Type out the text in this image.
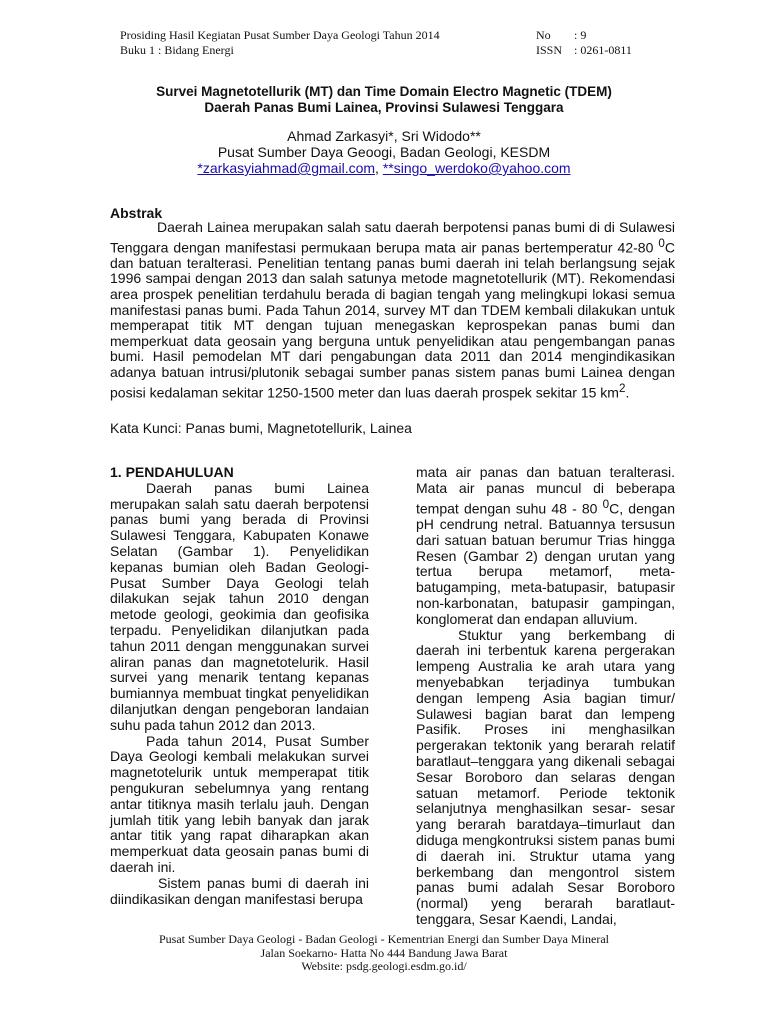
Prosiding Hasil Kegiatan Pusat Sumber Daya Geologi Tahun 2014
Buku 1 : Bidang Energi
No : 9
ISSN : 0261-0811
Survei Magnetotellurik (MT) dan Time Domain Electro Magnetic (TDEM)
Daerah Panas Bumi Lainea, Provinsi Sulawesi Tenggara
Ahmad Zarkasyi*, Sri Widodo**
Pusat Sumber Daya Geoogi, Badan Geologi, KESDM
*zarkasyiahmad@gmail.com, **singo_werdoko@yahoo.com
Abstrak

Daerah Lainea merupakan salah satu daerah berpotensi panas bumi di di Sulawesi Tenggara dengan manifestasi permukaan berupa mata air panas bertemperatur 42-80 $^0$C dan batuan teralterasi. Penelitian tentang panas bumi daerah ini telah berlangsung sejak 1996 sampai dengan 2013 dan salah satunya metode magnetotellurik (MT). Rekomendasi area prospek penelitian terdahulu berada di bagian tengah yang melingkupi lokasi semua manifestasi panas bumi. Pada Tahun 2014, survey MT dan TDEM kembali dilakukan untuk memperapat titik MT dengan tujuan menegaskan keprospekan panas bumi dan memperkuat data geosain yang berguna untuk penyelidikan atau pengembangan panas bumi. Hasil pemodelan MT dari pengabungan data 2011 dan 2014 mengindikasikan adanya batuan intrusi/plutonik sebagai sumber panas sistem panas bumi Lainea dengan posisi kedalaman sekitar 1250-1500 meter dan luas daerah prospek sekitar 15 $km^2$.

Kata Kunci: Panas bumi, Magnetotellurik, Lainea

1. PENDAHULUAN

Daerah panas bumi Lainea merupakan salah satu daerah berpotensi panas bumi yang berada di Provinsi Sulawesi Tenggara, Kabupaten Konawe Selatan (Gambar 1). Penyelidikan kepanas bumian oleh Badan Geologi-Pusat Sumber Daya Geologi telah dilakukan sejak tahun 2010 dengan metode geologi, geokimia dan geofisika terpadu. Penyelidikan dilanjutkan pada tahun 2011 dengan menggunakan survei aliran panas dan magnetotelurik. Hasil survei yang menarik tentang kepanas bumiannya membuat tingkat penyelidikan dilanjutkan dengan pengeboran landaian suhu pada tahun 2012 dan 2013.

Pada tahun 2014, Pusat Sumber Daya Geologi kembali melakukan survei magnetotelurik untuk memperapat titik pengukuran sebelumnya yang rentang antar titiknya masih terlalu jauh. Dengan jumlah titik yang lebih banyak dan jarak antar titik yang rapat diharapkan akan memperkuat data geosain panas bumi di daerah ini.

Sistem panas bumi di daerah ini diindikasikan dengan manifestasi berupa

mata air panas dan batuan teralterasi. Mata air panas muncul di beberapa tempat dengan suhu 48 - 80 $^0$C, dengan pH cendrung netral. Batuannya tersusun dari satuan batuan berumur Trias hingga Resen (Gambar 2) dengan urutan yang tertua berupa metamorf, meta-batugamping, meta-batupasir, batupasir non-karbonatan, batupasir gampingan, konglomerat dan endapan alluvium.

Stuktur yang berkembang di daerah ini terbentuk karena pergerakan lempeng Australia ke arah utara yang menyebabkan terjadinya tumbukan dengan lempeng Asia bagian timur/ Sulawesi bagian barat dan lempeng Pasifik. Proses ini menghasilkan pergerakan tektonik yang berarah relatif baratlaut–tenggara yang dikenali sebagai Sesar Boroboro dan selaras dengan satuan metamorf. Periode tektonik selanjutnya menghasilkan sesar- sesar yang berarah baratdaya–timurlaut dan diduga mengkontruksi sistem panas bumi di daerah ini. Struktur utama yang berkembang dan mengontrol sistem panas bumi adalah Sesar Boroboro (normal) yeng berarah baratlaut-tenggara, Sesar Kaendi, Landai,

Pusat Sumber Daya Geologi - Badan Geologi - Kementrian Energi dan Sumber Daya Mineral
Jalan Soekarno- Hatta No 444 Bandung Jawa Barat
Website: psdg.geologi.esdm.go.id/
